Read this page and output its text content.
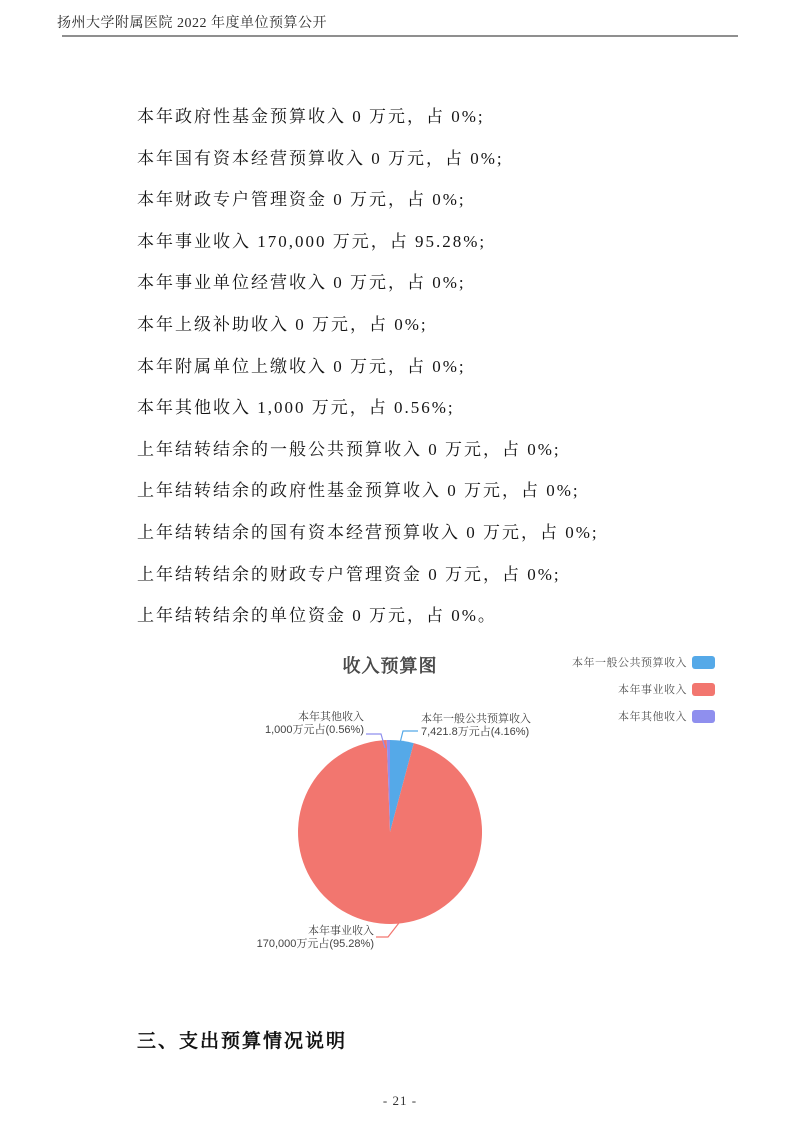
扬州大学附属医院 2022 年度单位预算公开
本年政府性基金预算收入 0 万元，占 0%;
本年国有资本经营预算收入 0 万元，占 0%;
本年财政专户管理资金 0 万元，占 0%;
本年事业收入 170,000 万元，占 95.28%;
本年事业单位经营收入 0 万元，占 0%;
本年上级补助收入 0 万元，占 0%;
本年附属单位上缴收入 0 万元，占 0%;
本年其他收入 1,000 万元，占 0.56%;
上年结转结余的一般公共预算收入 0 万元，占 0%;
上年结转结余的政府性基金预算收入 0 万元，占 0%;
上年结转结余的国有资本经营预算收入 0 万元，占 0%;
上年结转结余的财政专户管理资金 0 万元，占 0%;
上年结转结余的单位资金 0 万元，占 0%。
收入预算图	本年一般公共预算收入
本年事业收入
本年其他收入
本年其他收入
1,000万元占(0.56%)
本年一般公共预算收入
7,421.8万元占(4.16%)
本年事业收入
170,000万元占(95.28%)
三、支出预算情况说明
- 21 -
